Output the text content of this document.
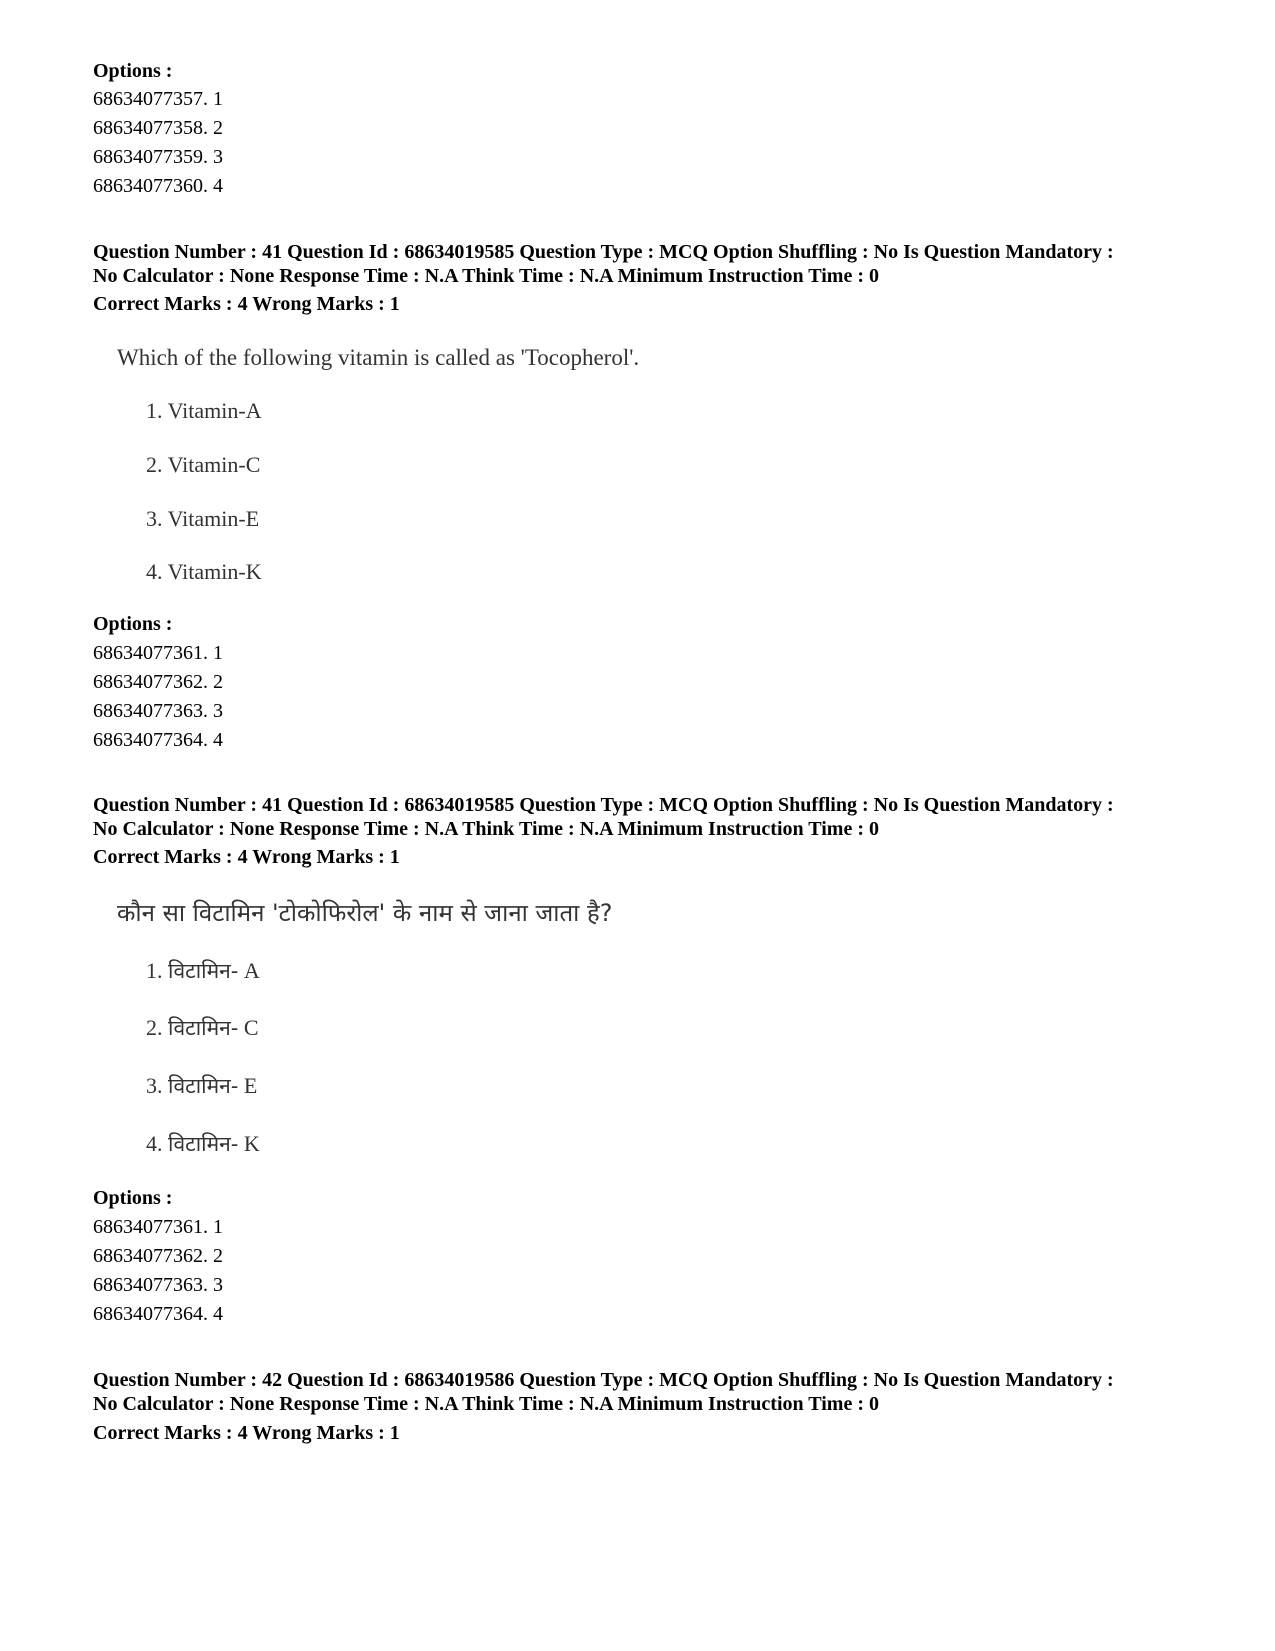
Options :
68634077357. 1
68634077358. 2
68634077359. 3
68634077360. 4
Question Number : 41 Question Id : 68634019585 Question Type : MCQ Option Shuffling : No Is Question Mandatory :
No Calculator : None Response Time : N.A Think Time : N.A Minimum Instruction Time : 0
Correct Marks : 4 Wrong Marks : 1
Which of the following vitamin is called as 'Tocopherol'.
1. Vitamin-A
2. Vitamin-C
3. Vitamin-E
4. Vitamin-K
Options :
68634077361. 1
68634077362. 2
68634077363. 3
68634077364. 4
Question Number : 41 Question Id : 68634019585 Question Type : MCQ Option Shuffling : No Is Question Mandatory :
No Calculator : None Response Time : N.A Think Time : N.A Minimum Instruction Time : 0
Correct Marks : 4 Wrong Marks : 1
कौन सा विटामिन 'टोकोफिरोल' के नाम से जाना जाता है?
1. विटामिन- A
2. विटामिन- C
3. विटामिन- E
4. विटामिन- K
Options :
68634077361. 1
68634077362. 2
68634077363. 3
68634077364. 4
Question Number : 42 Question Id : 68634019586 Question Type : MCQ Option Shuffling : No Is Question Mandatory :
No Calculator : None Response Time : N.A Think Time : N.A Minimum Instruction Time : 0
Correct Marks : 4 Wrong Marks : 1
